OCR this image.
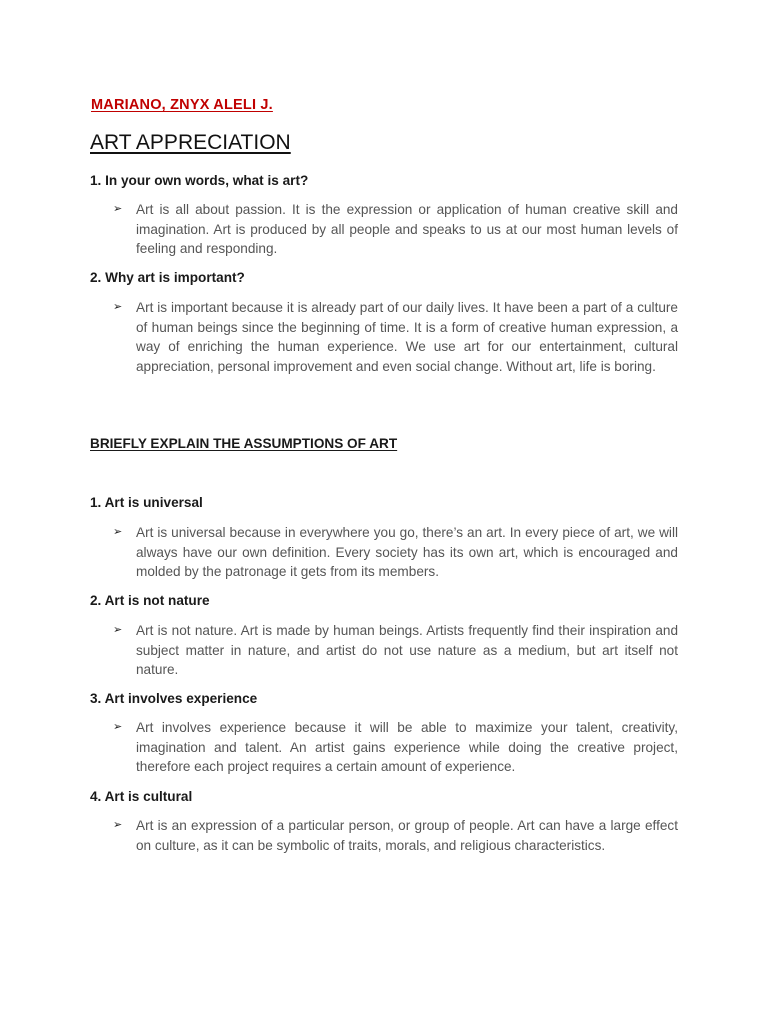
MARIANO, ZNYX ALELI J.
ART APPRECIATION
1. In your own words, what is art?
➢ Art is all about passion. It is the expression or application of human creative skill and imagination. Art is produced by all people and speaks to us at our most human levels of feeling and responding.
2. Why art is important?
➢ Art is important because it is already part of our daily lives. It have been a part of a culture of human beings since the beginning of time. It is a form of creative human expression, a way of enriching the human experience. We use art for our entertainment, cultural appreciation, personal improvement and even social change. Without art, life is boring.
BRIEFLY EXPLAIN THE ASSUMPTIONS OF ART
1. Art is universal
➢ Art is universal because in everywhere you go, there’s an art. In every piece of art, we will always have our own definition. Every society has its own art, which is encouraged and molded by the patronage it gets from its members.
2. Art is not nature
➢ Art is not nature. Art is made by human beings. Artists frequently find their inspiration and subject matter in nature, and artist do not use nature as a medium, but art itself not nature.
3. Art involves experience
➢ Art involves experience because it will be able to maximize your talent, creativity, imagination and talent. An artist gains experience while doing the creative project, therefore each project requires a certain amount of experience.
4. Art is cultural
➢ Art is an expression of a particular person, or group of people. Art can have a large effect on culture, as it can be symbolic of traits, morals, and religious characteristics.
